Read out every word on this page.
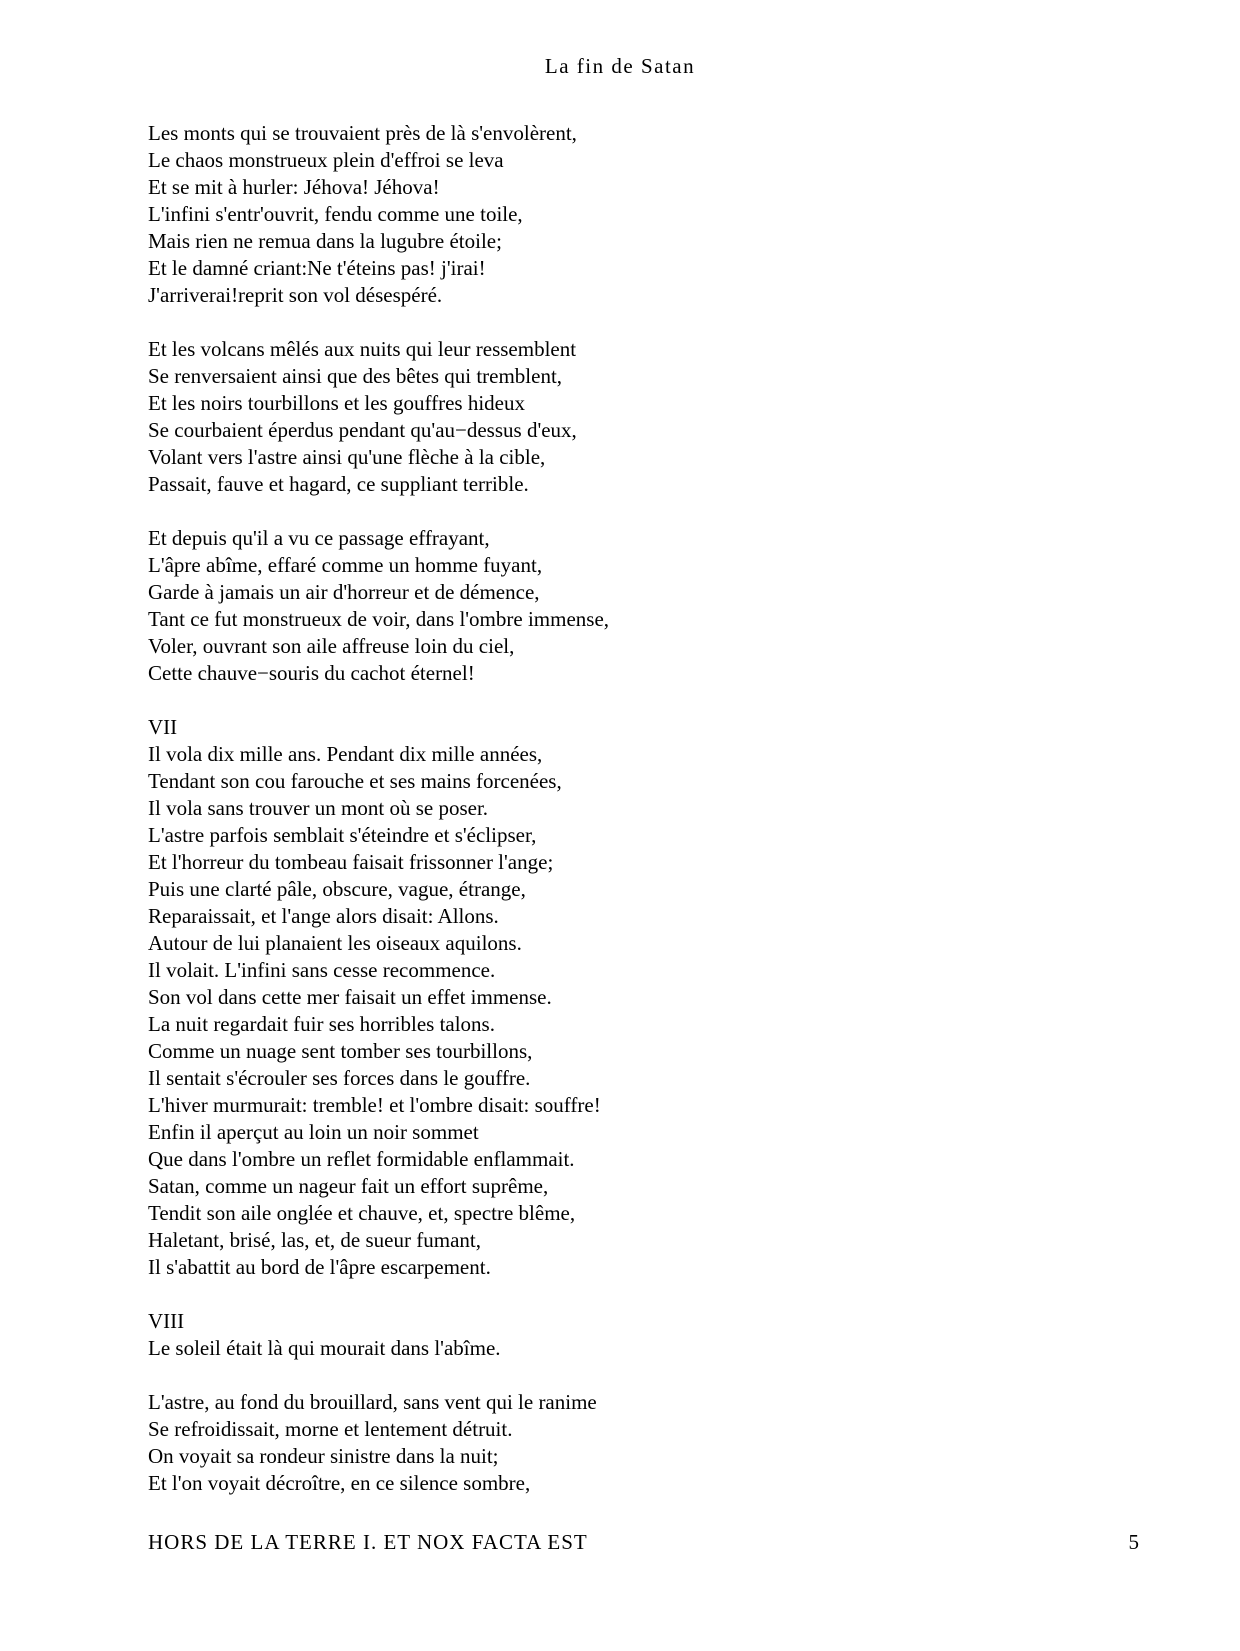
La fin de Satan
Les monts qui se trouvaient près de là s'envolèrent,
Le chaos monstrueux plein d'effroi se leva
Et se mit à hurler: Jéhova! Jéhova!
L'infini s'entr'ouvrit, fendu comme une toile,
Mais rien ne remua dans la lugubre étoile;
Et le damné criant:Ne t'éteins pas! j'irai!
J'arriverai!reprit son vol désespéré.
Et les volcans mêlés aux nuits qui leur ressemblent
Se renversaient ainsi que des bêtes qui tremblent,
Et les noirs tourbillons et les gouffres hideux
Se courbaient éperdus pendant qu'au−dessus d'eux,
Volant vers l'astre ainsi qu'une flèche à la cible,
Passait, fauve et hagard, ce suppliant terrible.
Et depuis qu'il a vu ce passage effrayant,
L'âpre abîme, effaré comme un homme fuyant,
Garde à jamais un air d'horreur et de démence,
Tant ce fut monstrueux de voir, dans l'ombre immense,
Voler, ouvrant son aile affreuse loin du ciel,
Cette chauve−souris du cachot éternel!
VII
Il vola dix mille ans. Pendant dix mille années,
Tendant son cou farouche et ses mains forcenées,
Il vola sans trouver un mont où se poser.
L'astre parfois semblait s'éteindre et s'éclipser,
Et l'horreur du tombeau faisait frissonner l'ange;
Puis une clarté pâle, obscure, vague, étrange,
Reparaissait, et l'ange alors disait: Allons.
Autour de lui planaient les oiseaux aquilons.
Il volait. L'infini sans cesse recommence.
Son vol dans cette mer faisait un effet immense.
La nuit regardait fuir ses horribles talons.
Comme un nuage sent tomber ses tourbillons,
Il sentait s'écrouler ses forces dans le gouffre.
L'hiver murmurait: tremble! et l'ombre disait: souffre!
Enfin il aperçut au loin un noir sommet
Que dans l'ombre un reflet formidable enflammait.
Satan, comme un nageur fait un effort suprême,
Tendit son aile onglée et chauve, et, spectre blême,
Haletant, brisé, las, et, de sueur fumant,
Il s'abattit au bord de l'âpre escarpement.
VIII
Le soleil était là qui mourait dans l'abîme.
L'astre, au fond du brouillard, sans vent qui le ranime
Se refroidissait, morne et lentement détruit.
On voyait sa rondeur sinistre dans la nuit;
Et l'on voyait décroître, en ce silence sombre,
HORS DE LA TERRE I. ET NOX FACTA EST	5
